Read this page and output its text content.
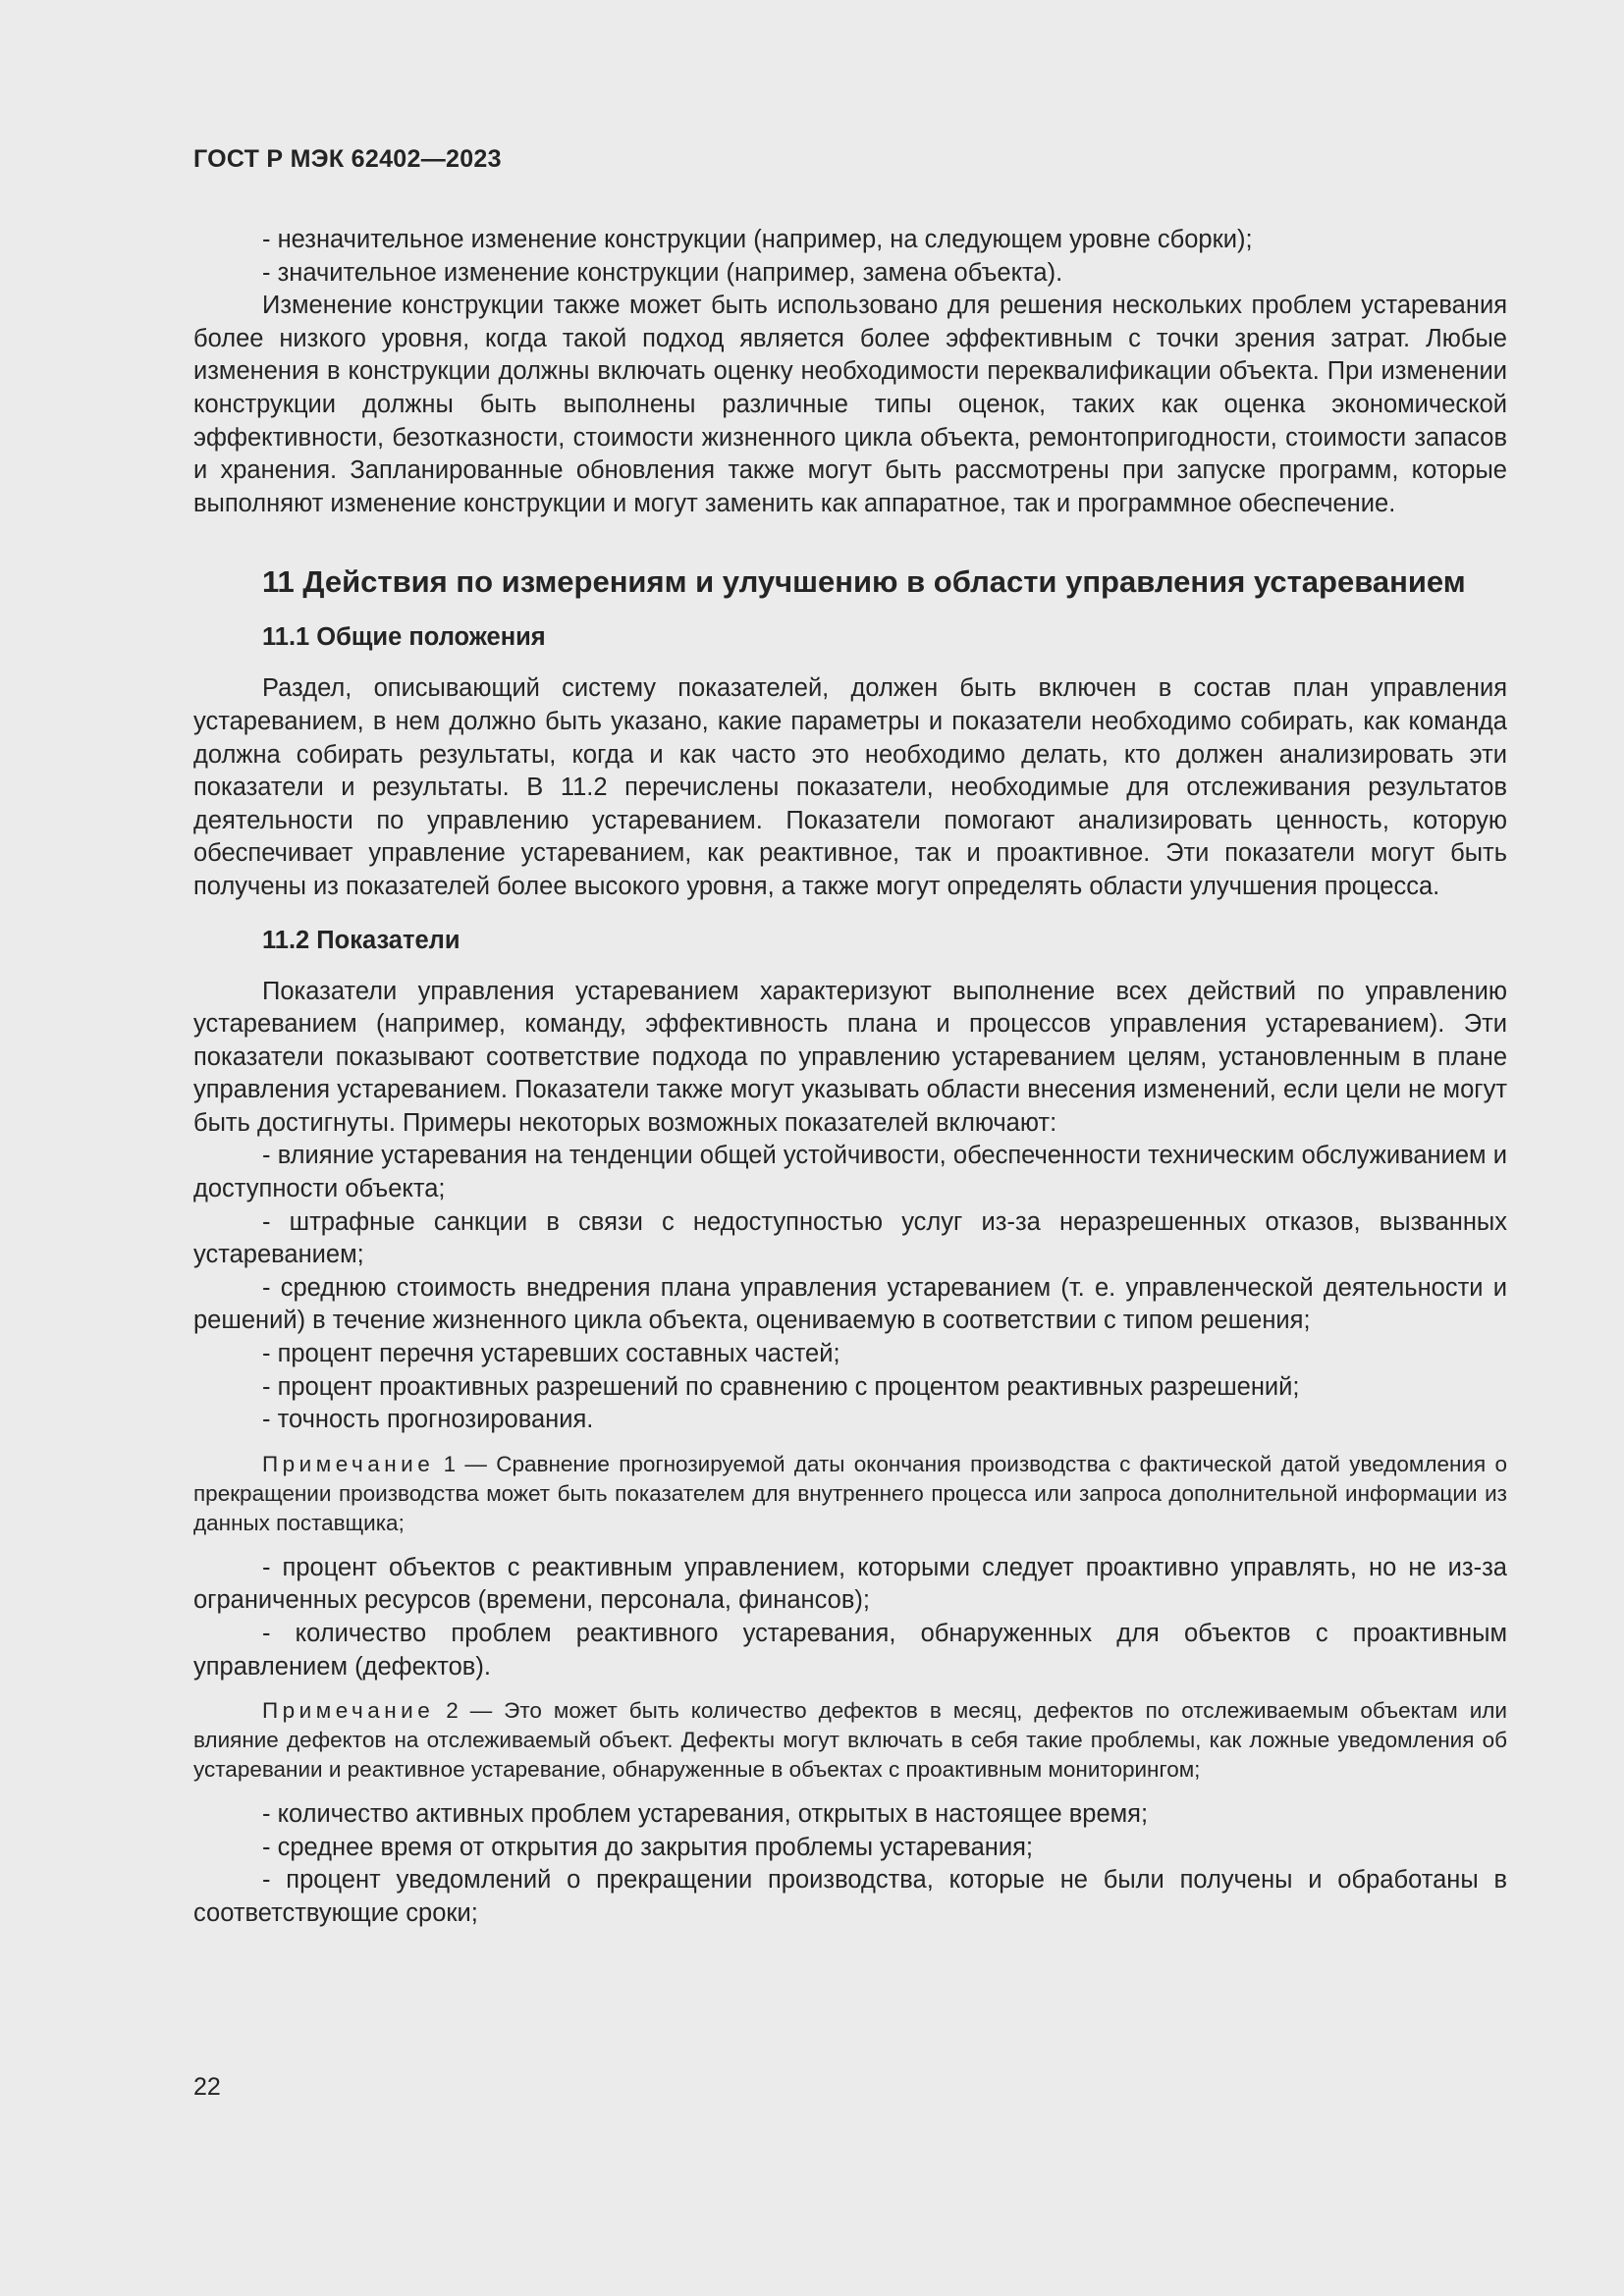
ГОСТ Р МЭК 62402—2023

- незначительное изменение конструкции (например, на следующем уровне сборки);

- значительное изменение конструкции (например, замена объекта).

Изменение конструкции также может быть использовано для решения нескольких проблем устаревания более низкого уровня, когда такой подход является более эффективным с точки зрения затрат. Любые изменения в конструкции должны включать оценку необходимости переквалификации объекта. При изменении конструкции должны быть выполнены различные типы оценок, таких как оценка экономической эффективности, безотказности, стоимости жизненного цикла объекта, ремонтопригодности, стоимости запасов и хранения. Запланированные обновления также могут быть рассмотрены при запуске программ, которые выполняют изменение конструкции и могут заменить как аппаратное, так и программное обеспечение.

11 Действия по измерениям и улучшению в области управления устареванием
11.1 Общие положения

Раздел, описывающий систему показателей, должен быть включен в состав план управления устареванием, в нем должно быть указано, какие параметры и показатели необходимо собирать, как команда должна собирать результаты, когда и как часто это необходимо делать, кто должен анализировать эти показатели и результаты. В 11.2 перечислены показатели, необходимые для отслеживания результатов деятельности по управлению устареванием. Показатели помогают анализировать ценность, которую обеспечивает управление устареванием, как реактивное, так и проактивное. Эти показатели могут быть получены из показателей более высокого уровня, а также могут определять области улучшения процесса.

11.2 Показатели

Показатели управления устареванием характеризуют выполнение всех действий по управлению устареванием (например, команду, эффективность плана и процессов управления устареванием). Эти показатели показывают соответствие подхода по управлению устареванием целям, установленным в плане управления устареванием. Показатели также могут указывать области внесения изменений, если цели не могут быть достигнуты. Примеры некоторых возможных показателей включают:

- влияние устаревания на тенденции общей устойчивости, обеспеченности техническим обслуживанием и доступности объекта;

- штрафные санкции в связи с недоступностью услуг из-за неразрешенных отказов, вызванных устареванием;

- среднюю стоимость внедрения плана управления устареванием (т. е. управленческой деятельности и решений) в течение жизненного цикла объекта, оцениваемую в соответствии с типом решения;

- процент перечня устаревших составных частей;

- процент проактивных разрешений по сравнению с процентом реактивных разрешений;

- точность прогнозирования.

Примечание 1 — Сравнение прогнозируемой даты окончания производства с фактической датой уведомления о прекращении производства может быть показателем для внутреннего процесса или запроса дополнительной информации из данных поставщика;

- процент объектов с реактивным управлением, которыми следует проактивно управлять, но не из-за ограниченных ресурсов (времени, персонала, финансов);

- количество проблем реактивного устаревания, обнаруженных для объектов с проактивным управлением (дефектов).

Примечание 2 — Это может быть количество дефектов в месяц, дефектов по отслеживаемым объектам или влияние дефектов на отслеживаемый объект. Дефекты могут включать в себя такие проблемы, как ложные уведомления об устаревании и реактивное устаревание, обнаруженные в объектах с проактивным мониторингом;

- количество активных проблем устаревания, открытых в настоящее время;

- среднее время от открытия до закрытия проблемы устаревания;

- процент уведомлений о прекращении производства, которые не были получены и обработаны в соответствующие сроки;

22
